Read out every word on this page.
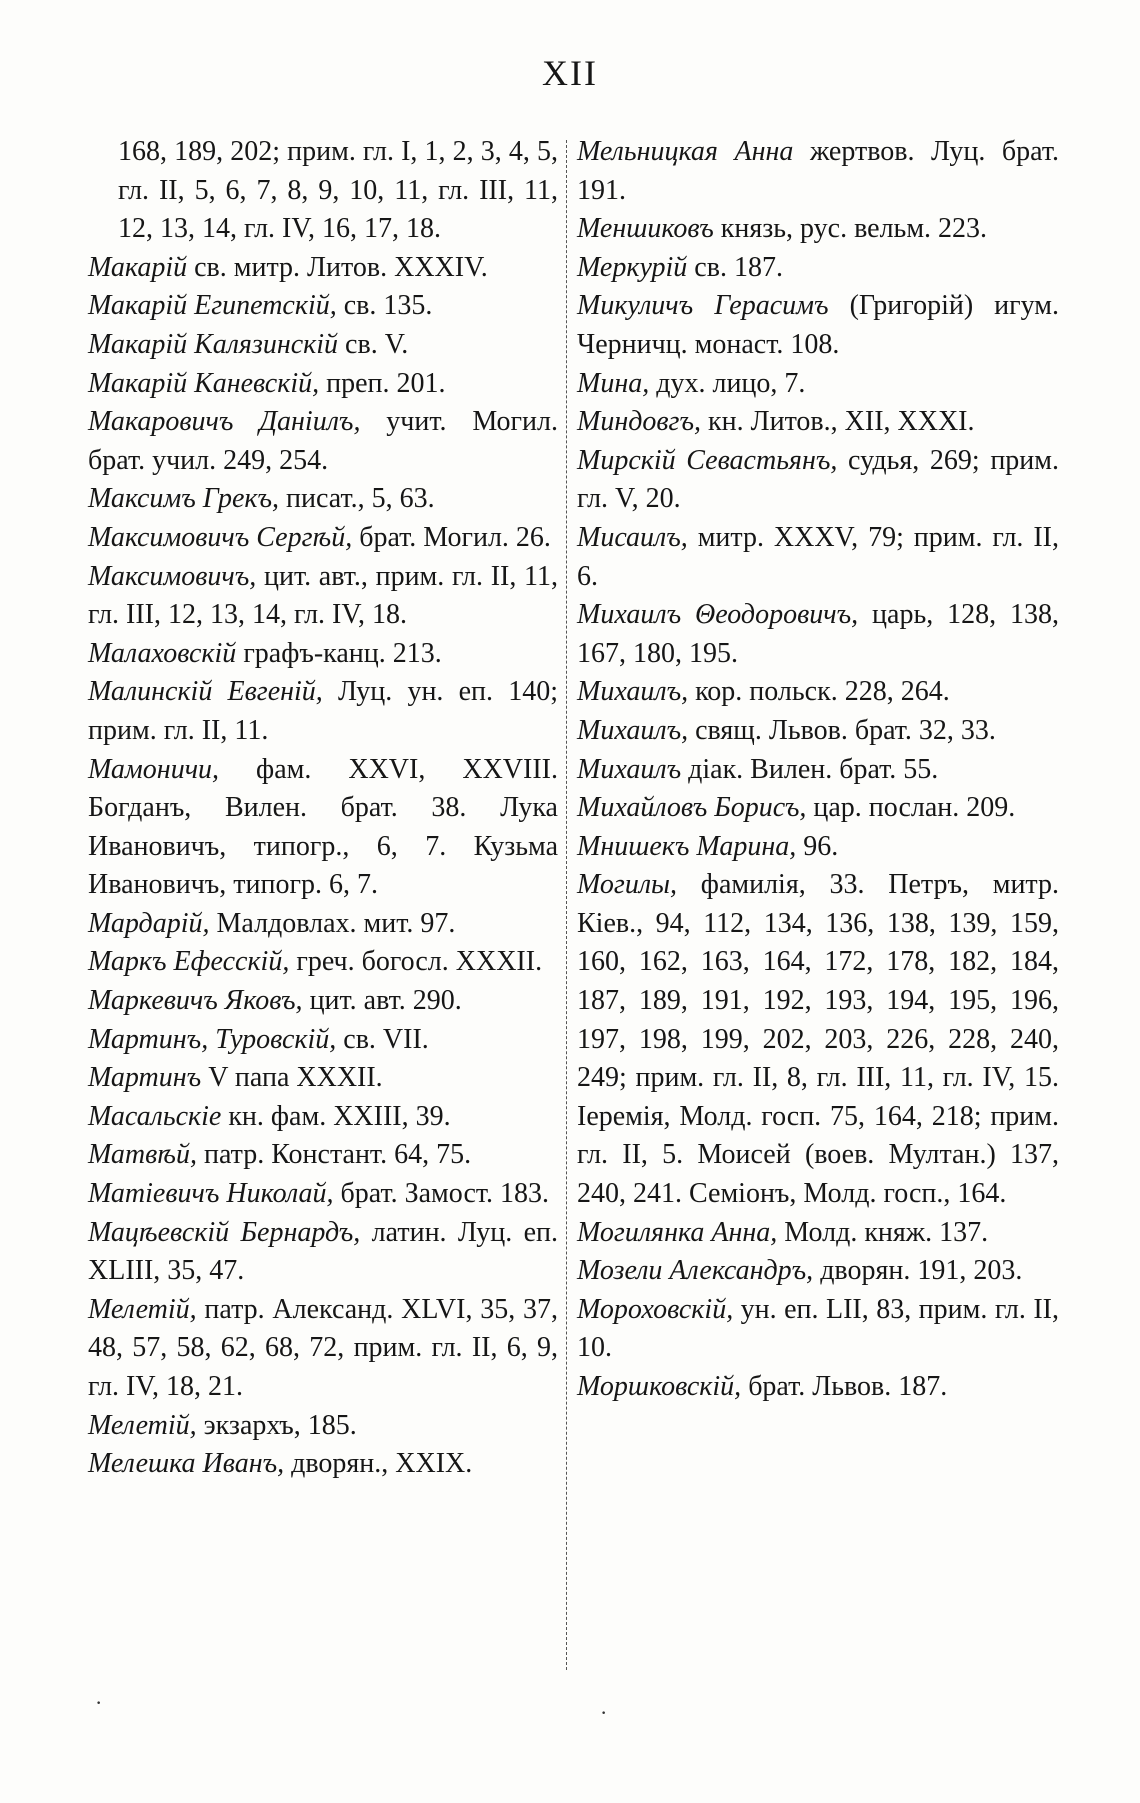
XII
168, 189, 202; прим. гл. I, 1, 2, 3, 4, 5, гл. II, 5, 6, 7, 8, 9, 10, 11, гл. III, 11, 12, 13, 14, гл. IV, 16, 17, 18.
Макарій св. митр. Литов. XXXIV.
Макарій Египетскій, св. 135.
Макарій Калязинскій св. V.
Макарій Каневскій, преп. 201.
Макаровичъ Даніилъ, учит. Могил. брат. учил. 249, 254.
Максимъ Грекъ, писат., 5, 63.
Максимовичъ Сергѣй, брат. Могил. 26.
Максимовичъ, цит. авт., прим. гл. II, 11, гл. III, 12, 13, 14, гл. IV, 18.
Малаховскій графъ-канц. 213.
Малинскій Евгеній, Луц. ун. еп. 140; прим. гл. II, 11.
Мамоничи, фам. XXVI, XXVIII. Богданъ, Вилен. брат. 38. Лука Ивановичъ, типогр., 6, 7. Кузьма Ивановичъ, типогр. 6, 7.
Мардарій, Малдовлах. мит. 97.
Маркъ Ефесскій, греч. богосл. XXXII.
Маркевичъ Яковъ, цит. авт. 290.
Мартинъ, Туровскій, св. VII.
Мартинъ V папа XXXII.
Масальскіе кн. фам. XXIII, 39.
Матвѣй, патр. Констант. 64, 75.
Матіевичъ Николай, брат. Замост. 183.
Мацѣевскій Бернардъ, латин. Луц. еп. XLIII, 35, 47.
Мелетій, патр. Александ. XLVI, 35, 37, 48, 57, 58, 62, 68, 72, прим. гл. II, 6, 9, гл. IV, 18, 21.
Мелетій, экзархъ, 185.
Мелешка Иванъ, дворян., XXIX.
Мельницкая Анна жертвов. Луц. брат. 191.
Меншиковъ князь, рус. вельм. 223.
Меркурій св. 187.
Микуличъ Герасимъ (Григорій) игум. Черничц. монаст. 108.
Мина, дух. лицо, 7.
Миндовгъ, кн. Литов., XII, XXXI.
Мирскій Севастьянъ, судья, 269; прим. гл. V, 20.
Мисаилъ, митр. XXXV, 79; прим. гл. II, 6.
Михаилъ Θеодоровичъ, царь, 128, 138, 167, 180, 195.
Михаилъ, кор. польск. 228, 264.
Михаилъ, свящ. Львов. брат. 32, 33.
Михаилъ діак. Вилен. брат. 55.
Михайловъ Борисъ, цар. послан. 209.
Мнишекъ Марина, 96.
Могилы, фамилія, 33. Петръ, митр. Кіев., 94, 112, 134, 136, 138, 139, 159, 160, 162, 163, 164, 172, 178, 182, 184, 187, 189, 191, 192, 193, 194, 195, 196, 197, 198, 199, 202, 203, 226, 228, 240, 249; прим. гл. II, 8, гл. III, 11, гл. IV, 15. Іеремія, Молд. госп. 75, 164, 218; прим. гл. II, 5. Моисей (воев. Мултан.) 137, 240, 241. Семіонъ, Молд. госп., 164.
Могилянка Анна, Молд. княж. 137.
Мозели Александръ, дворян. 191, 203.
Мороховскій, ун. еп. LII, 83, прим. гл. II, 10.
Моршковскій, брат. Львов. 187.
·	·
